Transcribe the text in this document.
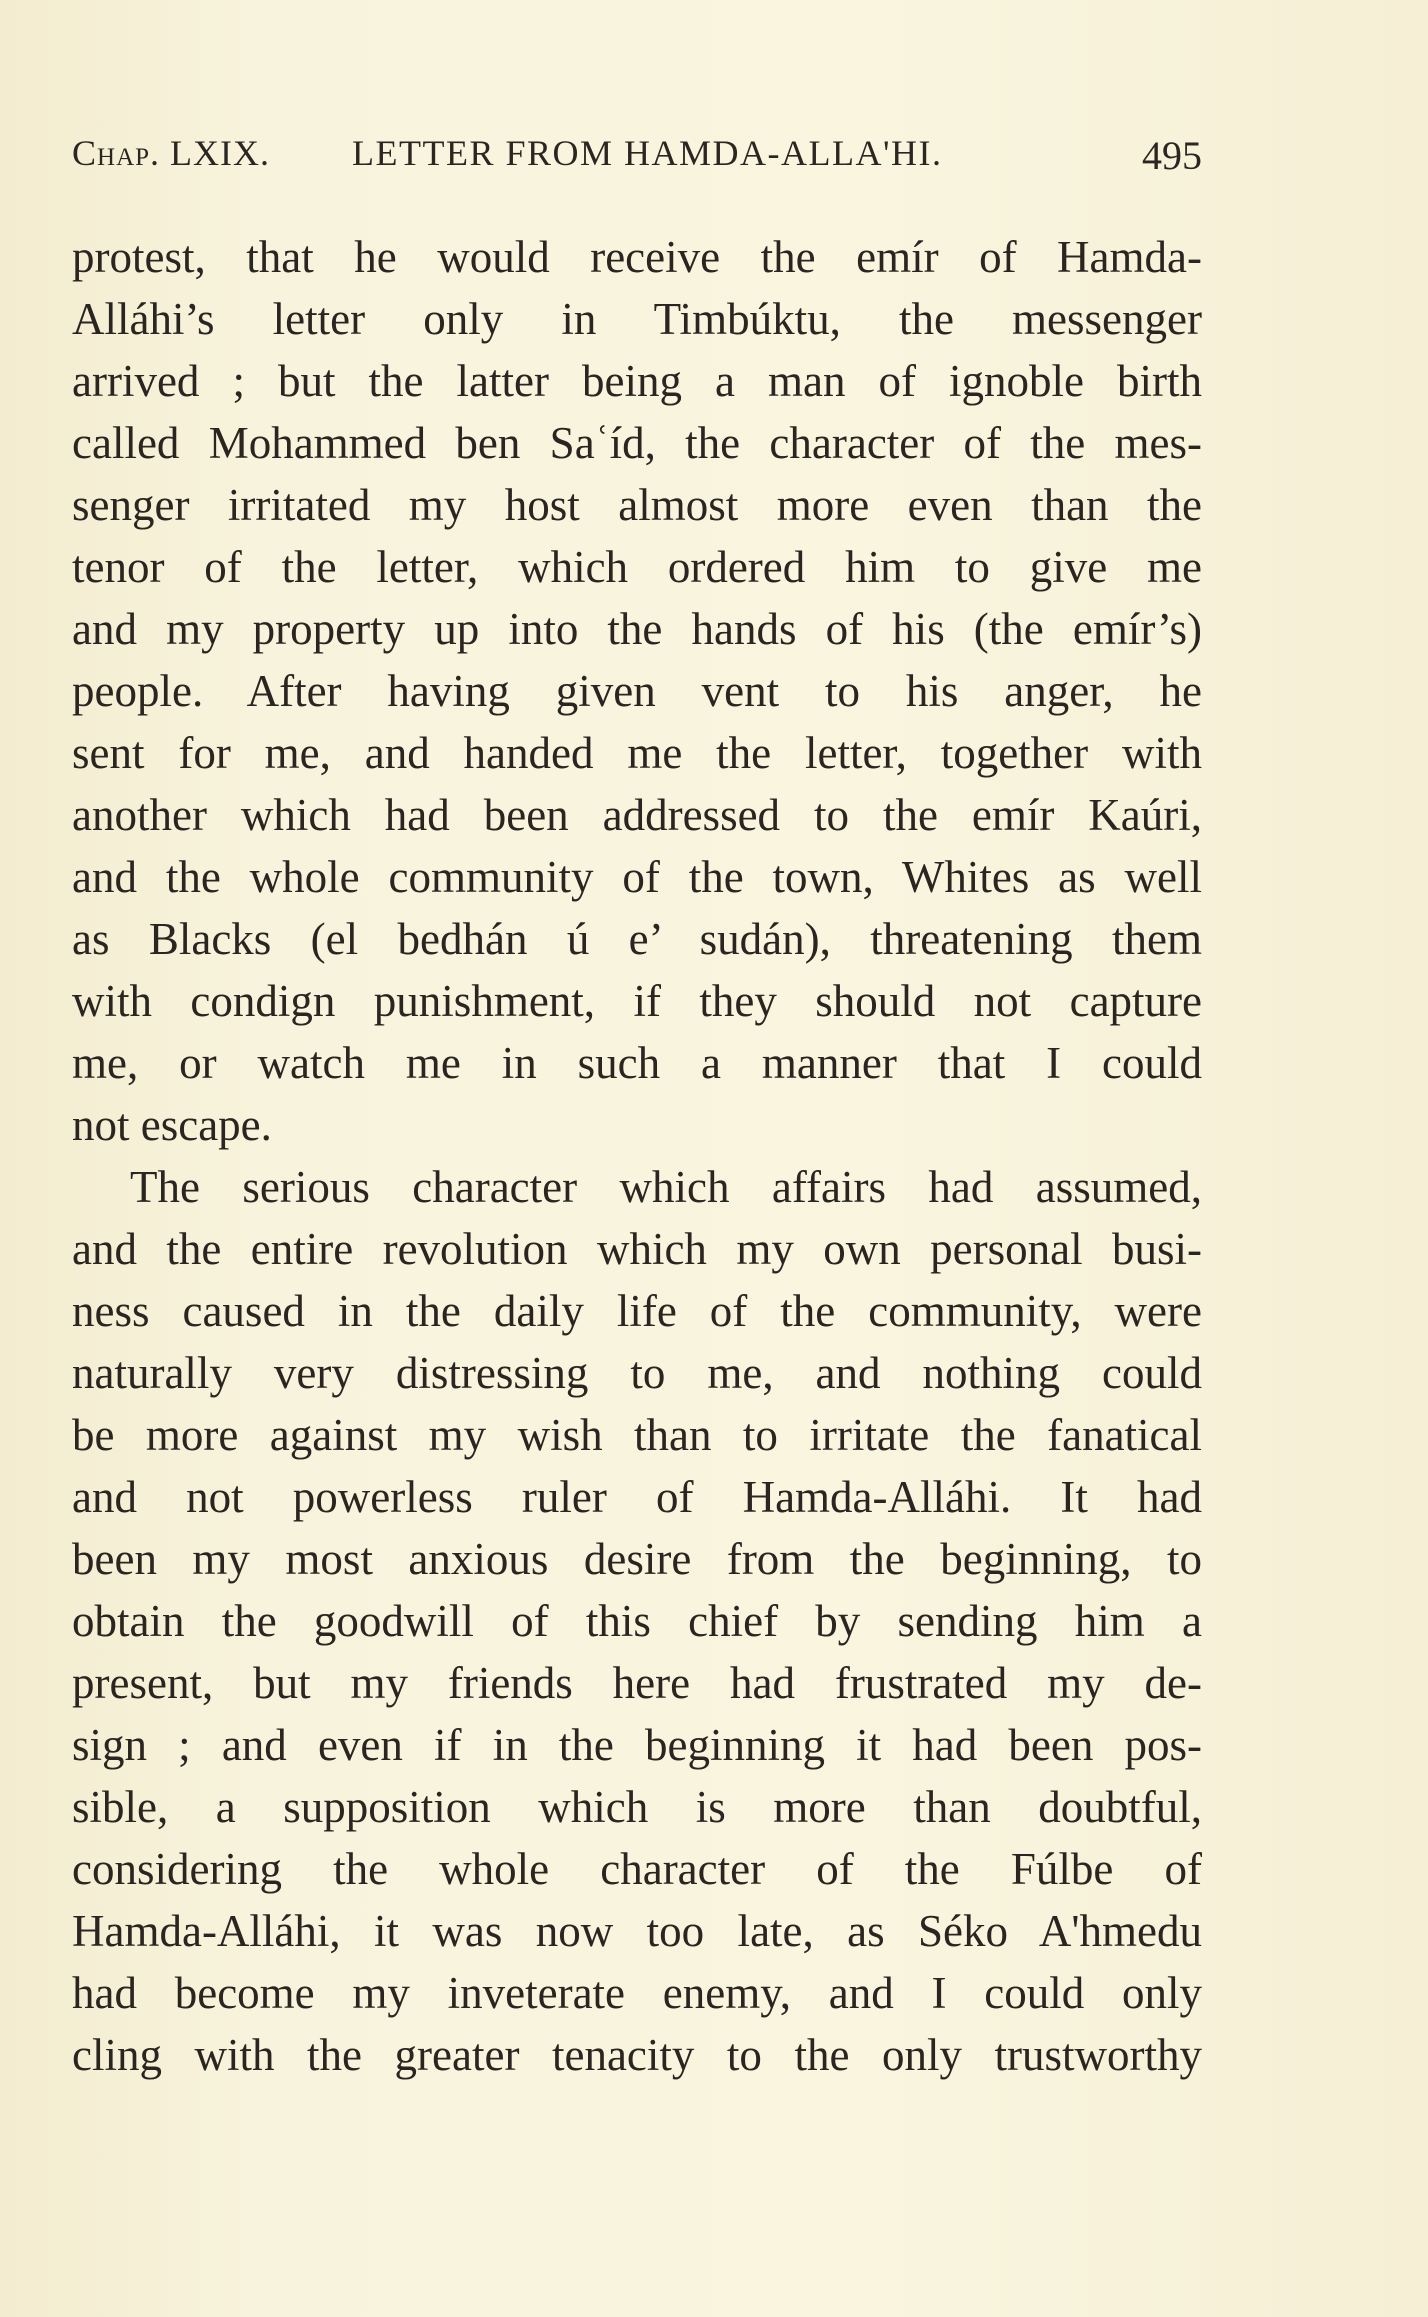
Chap. LXIX. LETTER FROM HAMDA-ALLA'HI.	495
protest, that he would receive the emír of Hamda-
Alláhi’s letter only in Timbúktu, the messenger
arrived ; but the latter being a man of ignoble birth
called Mohammed ben Saʿíd, the character of the mes-
senger irritated my host almost more even than the
tenor of the letter, which ordered him to give me
and my property up into the hands of his (the emír’s)
people. After having given vent to his anger, he
sent for me, and handed me the letter, together with
another which had been addressed to the emír Kaúri,
and the whole community of the town, Whites as well
as Blacks (el bedhán ú e’ sudán), threatening them
with condign punishment, if they should not capture
me, or watch me in such a manner that I could
not escape.
The serious character which affairs had assumed,
and the entire revolution which my own personal busi-
ness caused in the daily life of the community, were
naturally very distressing to me, and nothing could
be more against my wish than to irritate the fanatical
and not powerless ruler of Hamda-Alláhi. It had
been my most anxious desire from the beginning, to
obtain the goodwill of this chief by sending him a
present, but my friends here had frustrated my de-
sign ; and even if in the beginning it had been pos-
sible, a supposition which is more than doubtful,
considering the whole character of the Fúlbe of
Hamda-Alláhi, it was now too late, as Séko A'hmedu
had become my inveterate enemy, and I could only
cling with the greater tenacity to the only trustworthy
